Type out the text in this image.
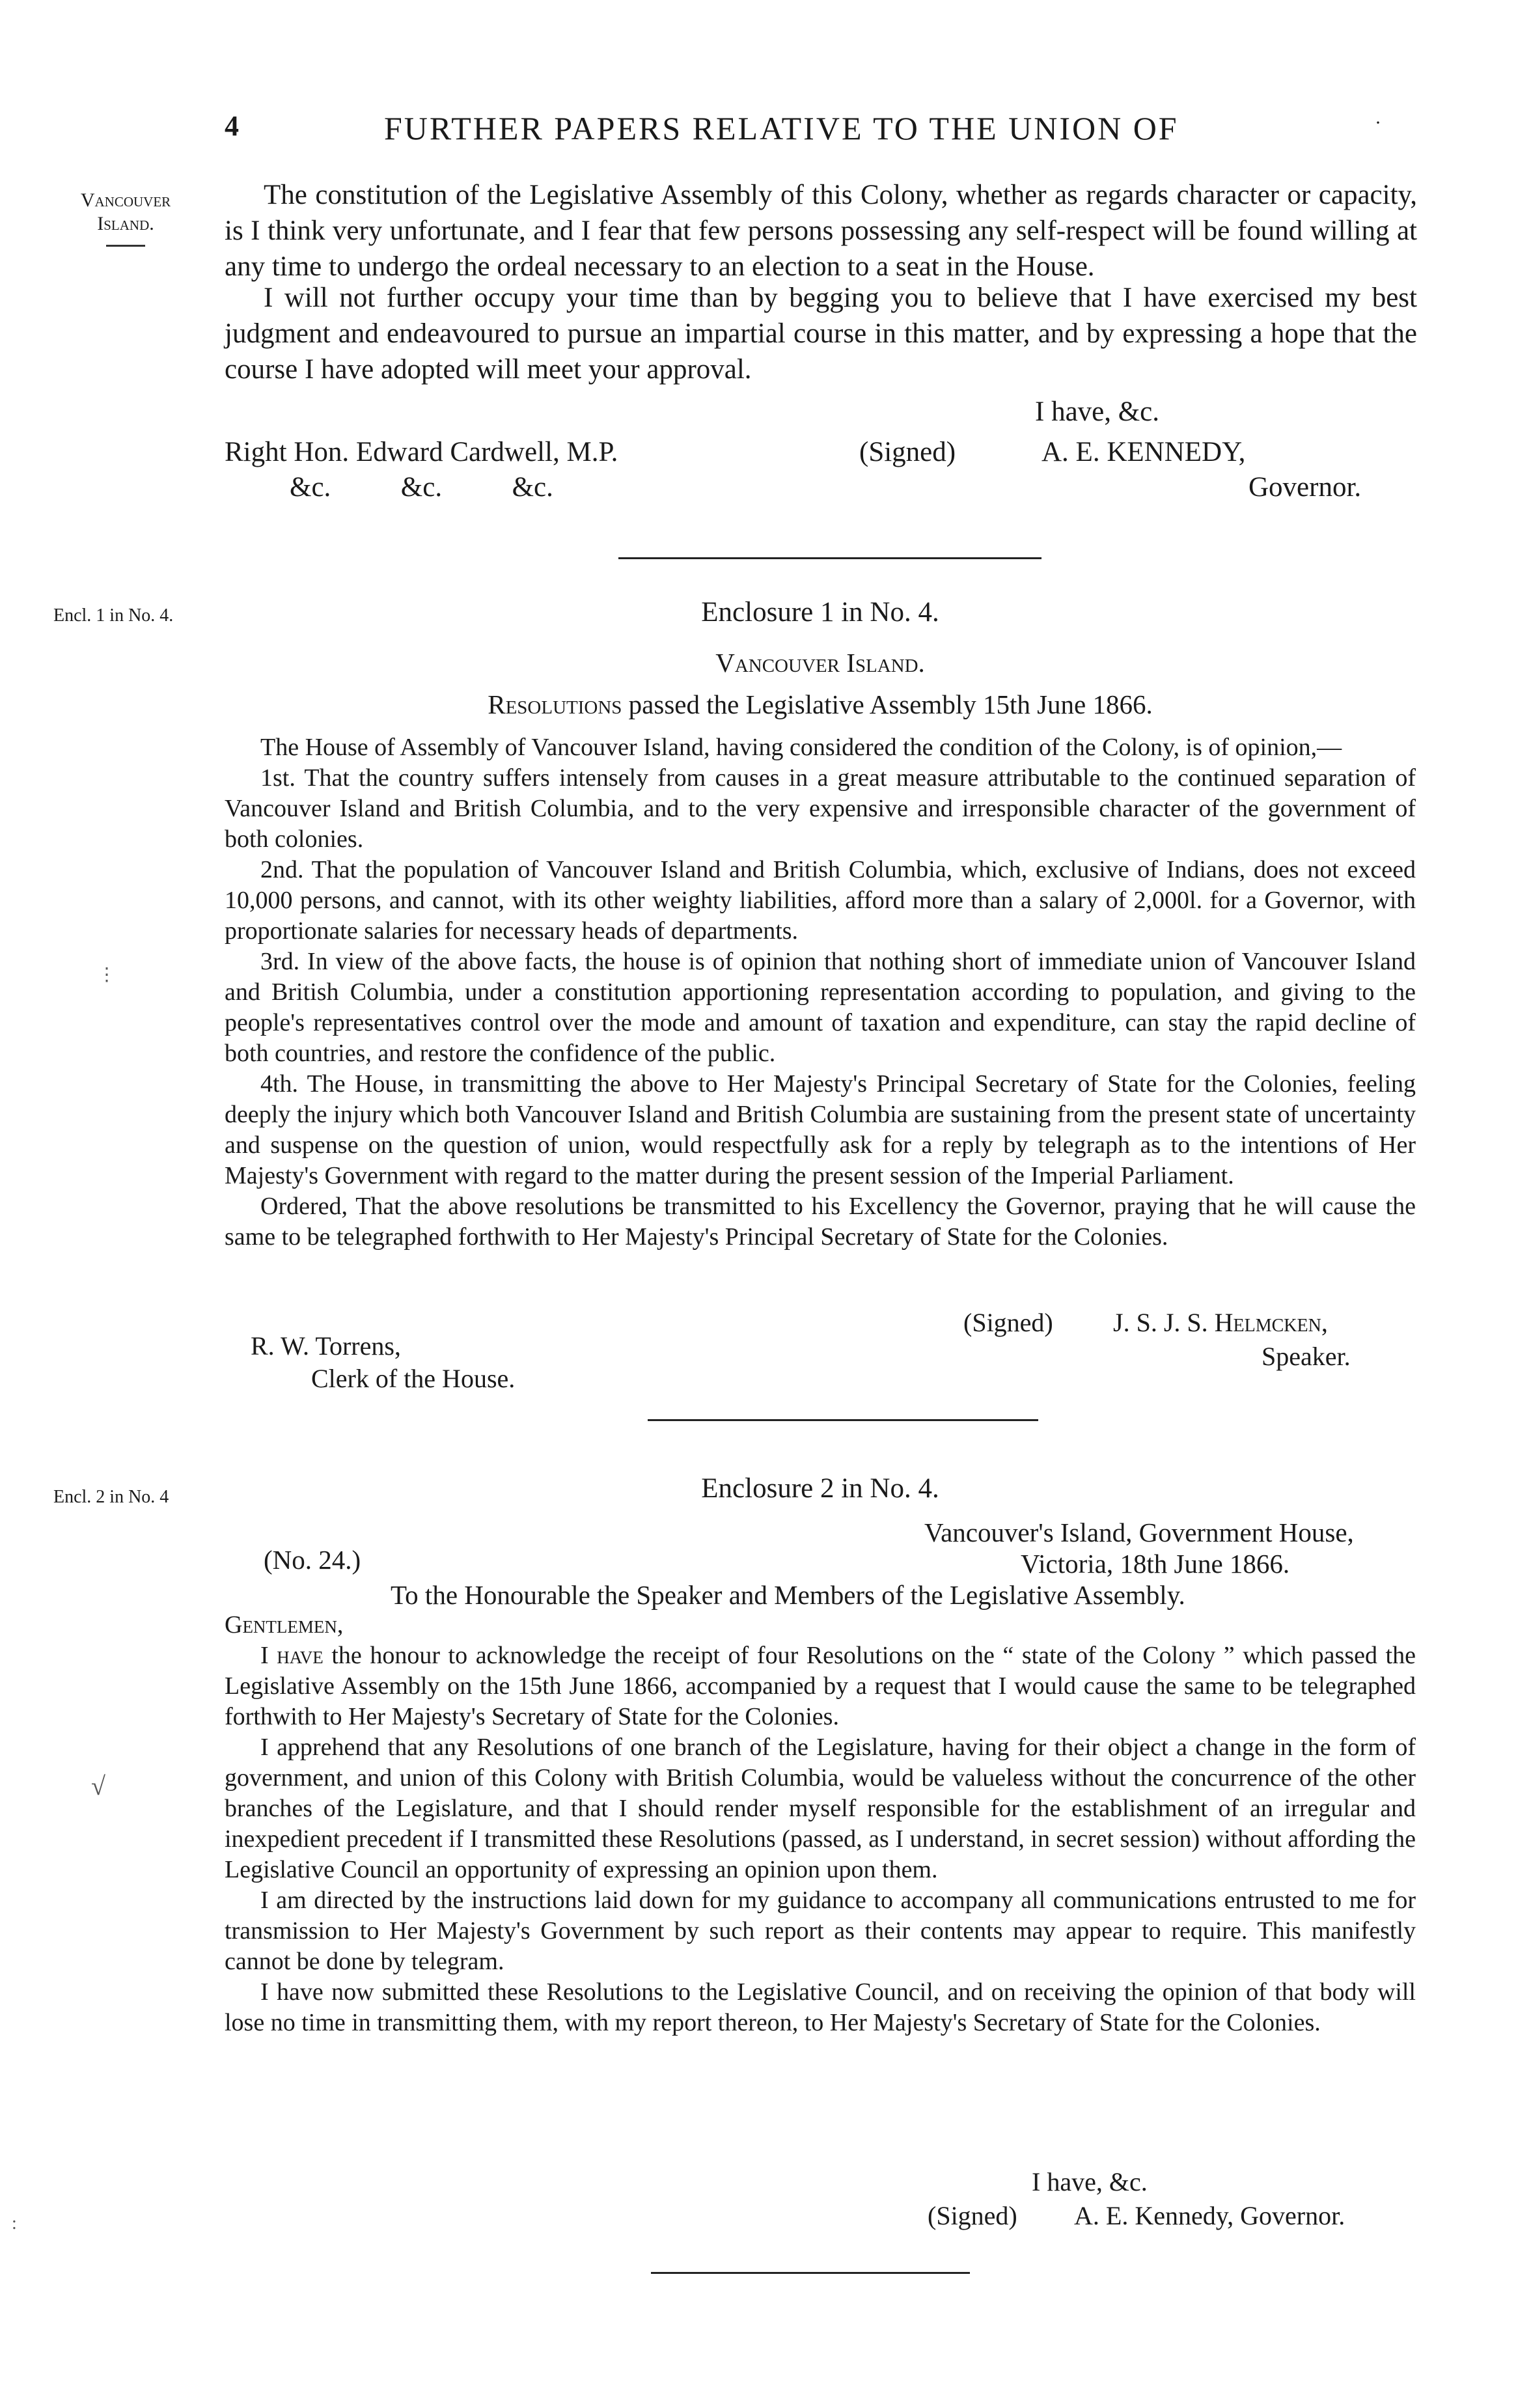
4	FURTHER PAPERS RELATIVE TO THE UNION OF	·
Vancouver
Island.
Encl. 1 in No. 4.
Encl. 2 in No. 4
The constitution of the Legislative Assembly of this Colony, whether as regards character or capacity, is I think very unfortunate, and I fear that few persons possessing any self-respect will be found willing at any time to undergo the ordeal necessary to an election to a seat in the House.
I will not further occupy your time than by begging you to believe that I have exercised my best judgment and endeavoured to pursue an impartial course in this matter, and by expressing a hope that the course I have adopted will meet your approval.
I have, &c.
Right Hon. Edward Cardwell, M.P.	(Signed)	A. E. KENNEDY,
&c.          &c.          &c.	Governor.
Enclosure 1 in No. 4.
Vancouver Island.
Resolutions passed the Legislative Assembly 15th June 1866.

The House of Assembly of Vancouver Island, having considered the condition of the Colony, is of opinion,—

1st. That the country suffers intensely from causes in a great measure attributable to the continued separation of Vancouver Island and British Columbia, and to the very expensive and irresponsible character of the government of both colonies.

2nd. That the population of Vancouver Island and British Columbia, which, exclusive of Indians, does not exceed 10,000 persons, and cannot, with its other weighty liabilities, afford more than a salary of 2,000l. for a Governor, with proportionate salaries for necessary heads of departments.

3rd. In view of the above facts, the house is of opinion that nothing short of immediate union of Vancouver Island and British Columbia, under a constitution apportioning representation according to population, and giving to the people's representatives control over the mode and amount of taxation and expenditure, can stay the rapid decline of both countries, and restore the confidence of the public.

4th. The House, in transmitting the above to Her Majesty's Principal Secretary of State for the Colonies, feeling deeply the injury which both Vancouver Island and British Columbia are sustaining from the present state of uncertainty and suspense on the question of union, would respectfully ask for a reply by telegraph as to the intentions of Her Majesty's Government with regard to the matter during the present session of the Imperial Parliament.

Ordered, That the above resolutions be transmitted to his Excellency the Governor, praying that he will cause the same to be telegraphed forthwith to Her Majesty's Principal Secretary of State for the Colonies.

(Signed) J. S. J. S. Helmcken,
Speaker.
R. W. Torrens,
Clerk of the House.
Enclosure 2 in No. 4.
Vancouver's Island, Government House,
Victoria, 18th June 1866.
(No. 24.)
To the Honourable the Speaker and Members of the Legislative Assembly.
Gentlemen,

I have the honour to acknowledge the receipt of four Resolutions on the “ state of the Colony ” which passed the Legislative Assembly on the 15th June 1866, accompanied by a request that I would cause the same to be telegraphed forthwith to Her Majesty's Secretary of State for the Colonies.

I apprehend that any Resolutions of one branch of the Legislature, having for their object a change in the form of government, and union of this Colony with British Columbia, would be valueless without the concurrence of the other branches of the Legislature, and that I should render myself responsible for the establishment of an irregular and inexpedient precedent if I transmitted these Resolutions (passed, as I understand, in secret session) without affording the Legislative Council an opportunity of expressing an opinion upon them.

I am directed by the instructions laid down for my guidance to accompany all communications entrusted to me for transmission to Her Majesty's Government by such report as their contents may appear to require. This manifestly cannot be done by telegram.

I have now submitted these Resolutions to the Legislative Council, and on receiving the opinion of that body will lose no time in transmitting them, with my report thereon, to Her Majesty's Secretary of State for the Colonies.

I have, &c.
(Signed) A. E. Kennedy, Governor.
⋮
√
:
